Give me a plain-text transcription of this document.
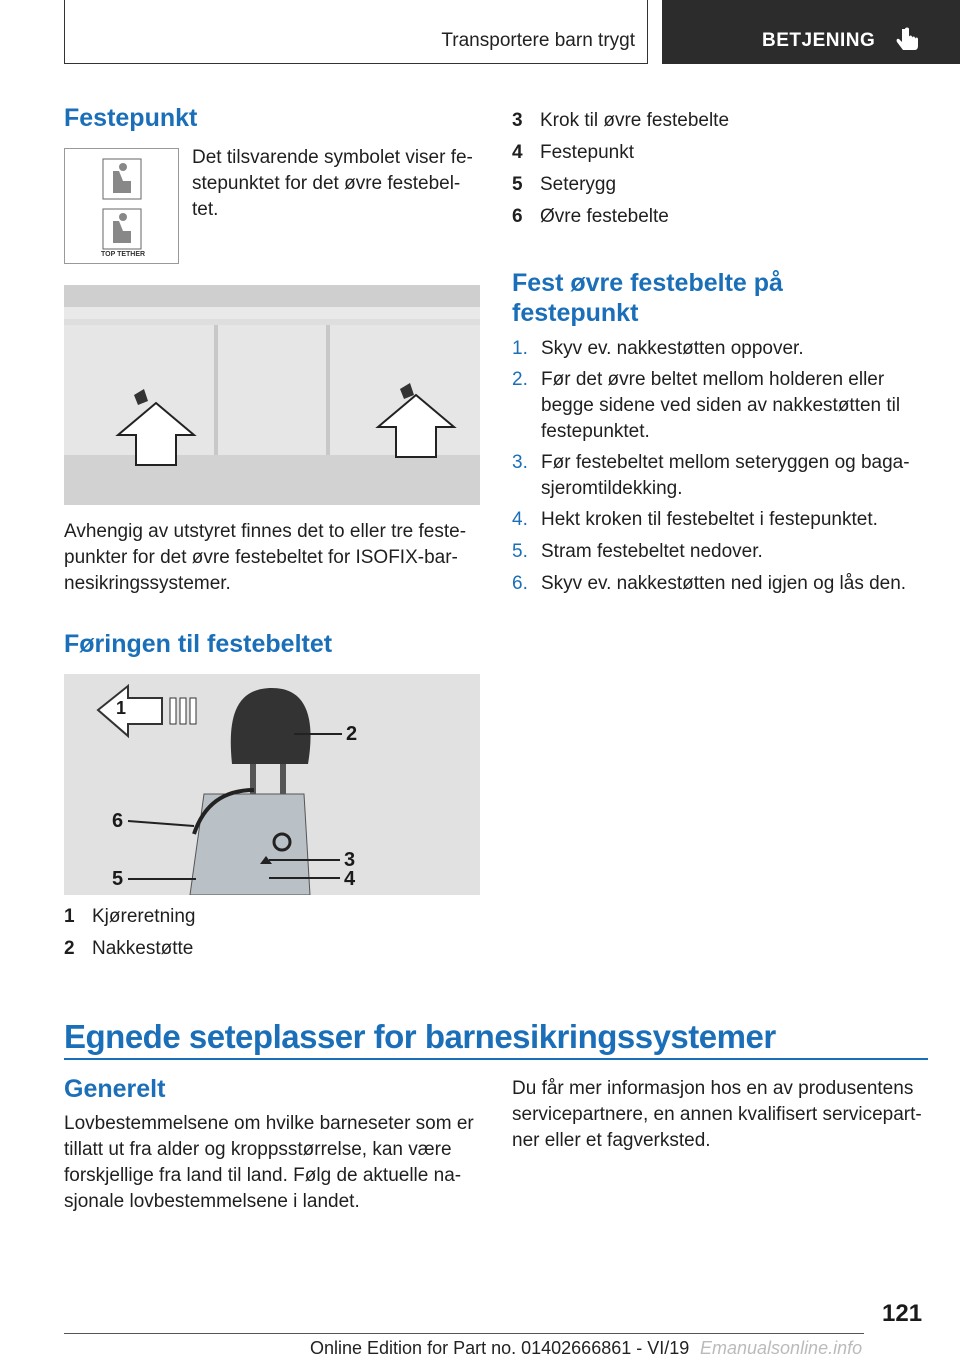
Transportere barn trygt	BETJENING
Festepunkt
TOP TETHER
Det tilsvarende symbolet viser fe-
stepunktet for det øvre festebel-
tet.
Avhengig av utstyret finnes det to eller tre feste-
punkter for det øvre festebeltet for ISOFIX-bar-
nesikringssystemer.
Føringen til festebeltet
1
2
3
4
5
6
1 Kjøreretning
2 Nakkestøtte
3 Krok til øvre festebelte
4 Festepunkt
5 Seterygg
6 Øvre festebelte
Fest øvre festebelte på
festepunkt
1. Skyv ev. nakkestøtten oppover.
2. Før det øvre beltet mellom holderen eller
begge sidene ved siden av nakkestøtten til
festepunktet.
3. Før festebeltet mellom seteryggen og baga-
sjeromtildekking.
4. Hekt kroken til festebeltet i festepunktet.
5. Stram festebeltet nedover.
6. Skyv ev. nakkestøtten ned igjen og lås den.
Egnede seteplasser for barnesikringssystemer
Generelt
Lovbestemmelsene om hvilke barneseter som er
tillatt ut fra alder og kroppsstørrelse, kan være
forskjellige fra land til land. Følg de aktuelle na-
sjonale lovbestemmelsene i landet.
Du får mer informasjon hos en av produsentens
servicepartnere, en annen kvalifisert servicepart-
ner eller et fagverksted.
121
Online Edition for Part no. 01402666861 - VI/19 Emanualsonline.info
